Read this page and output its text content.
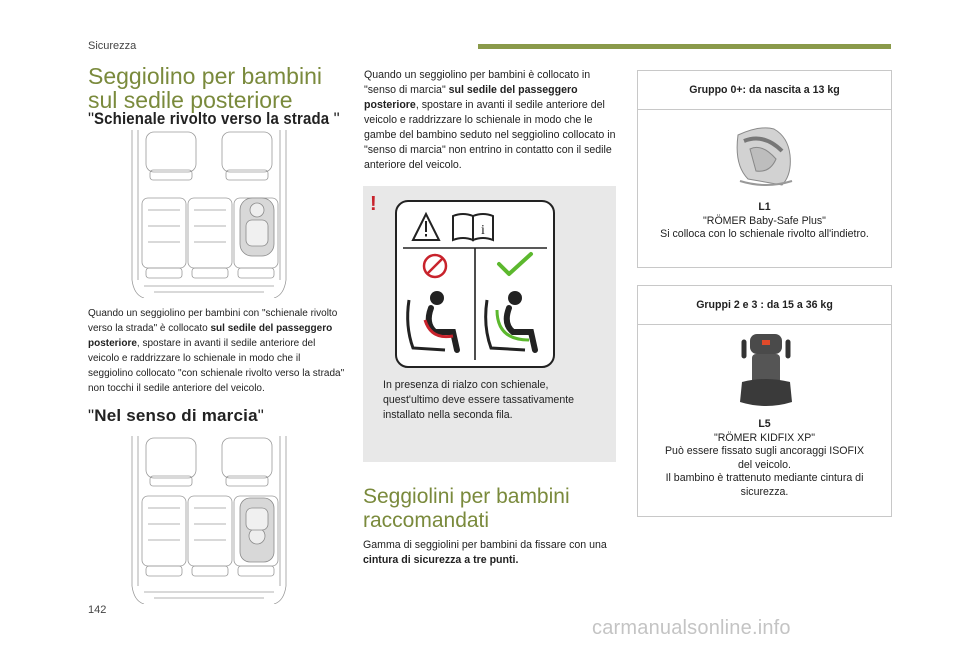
Sicurezza
Seggiolino per bambini
sul sedile posteriore
"Schienale rivolto verso la strada "
Quando un seggiolino per bambini con "schienale rivolto verso la strada" è collocato sul sedile del passeggero posteriore, spostare in avanti il sedile anteriore del veicolo e raddrizzare lo schienale in modo che il seggiolino collocato "con schienale rivolto verso la strada" non tocchi il sedile anteriore del veicolo.
"Nel senso di marcia"
Quando un seggiolino per bambini è collocato in "senso di marcia" sul sedile del passeggero posteriore, spostare in avanti il sedile anteriore del veicolo e raddrizzare lo schienale in modo che le gambe del bambino seduto nel seggiolino collocato in "senso di marcia" non entrino in contatto con il sedile anteriore del veicolo.
!
i
In presenza di rialzo con schienale, quest'ultimo deve essere tassativamente installato nella seconda fila.
Seggiolini per bambini
raccomandati
Gamma di seggiolini per bambini da fissare con una cintura di sicurezza a tre punti.
Gruppo 0+: da nascita a 13 kg
L1
"RÖMER Baby-Safe Plus"
Si colloca con lo schienale rivolto all'indietro.
Gruppi 2 e 3 : da 15 a 36 kg
L5
"RÖMER KIDFIX XP"
Può essere fissato sugli ancoraggi ISOFIX
del veicolo.
Il bambino è trattenuto mediante cintura di
sicurezza.
142
carmanualsonline.info
